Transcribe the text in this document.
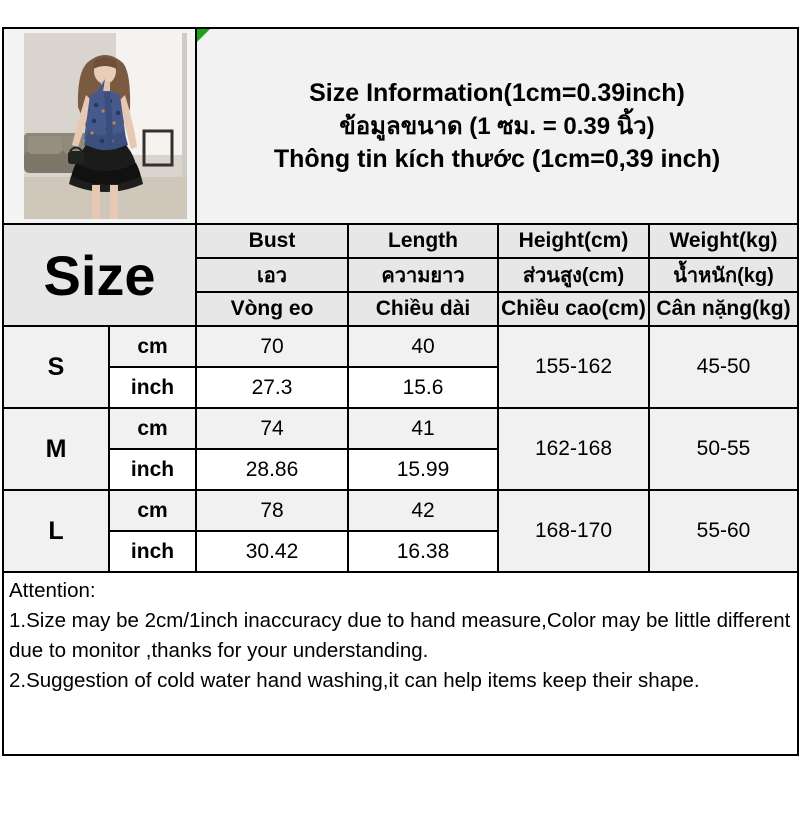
Size Information(1cm=0.39inch)
ข้อมูลขนาด (1 ซม. = 0.39 นิ้ว)
Thông tin kích thước (1cm=0,39 inch)			

Size		Bust	Length	Height(cm)	Weight(kg)
		เอว	ความยาว	ส่วนสูง(cm)	น้ำหนัก(kg)
		Vòng eo	Chiều dài	Chiều cao(cm)	Cân nặng(kg)
S	cm	70	40	155-162	45-50
	inch	27.3	15.6		
M	cm	74	41	162-168	50-55
	inch	28.86	15.99		
L	cm	78	42	168-170	55-60
	inch	30.42	16.38		

Attention:
1.Size may be 2cm/1inch inaccuracy due to hand measure,Color may be little different due to monitor ,thanks for your understanding.
2.Suggestion of cold water hand washing,it can help items keep their shape.					
